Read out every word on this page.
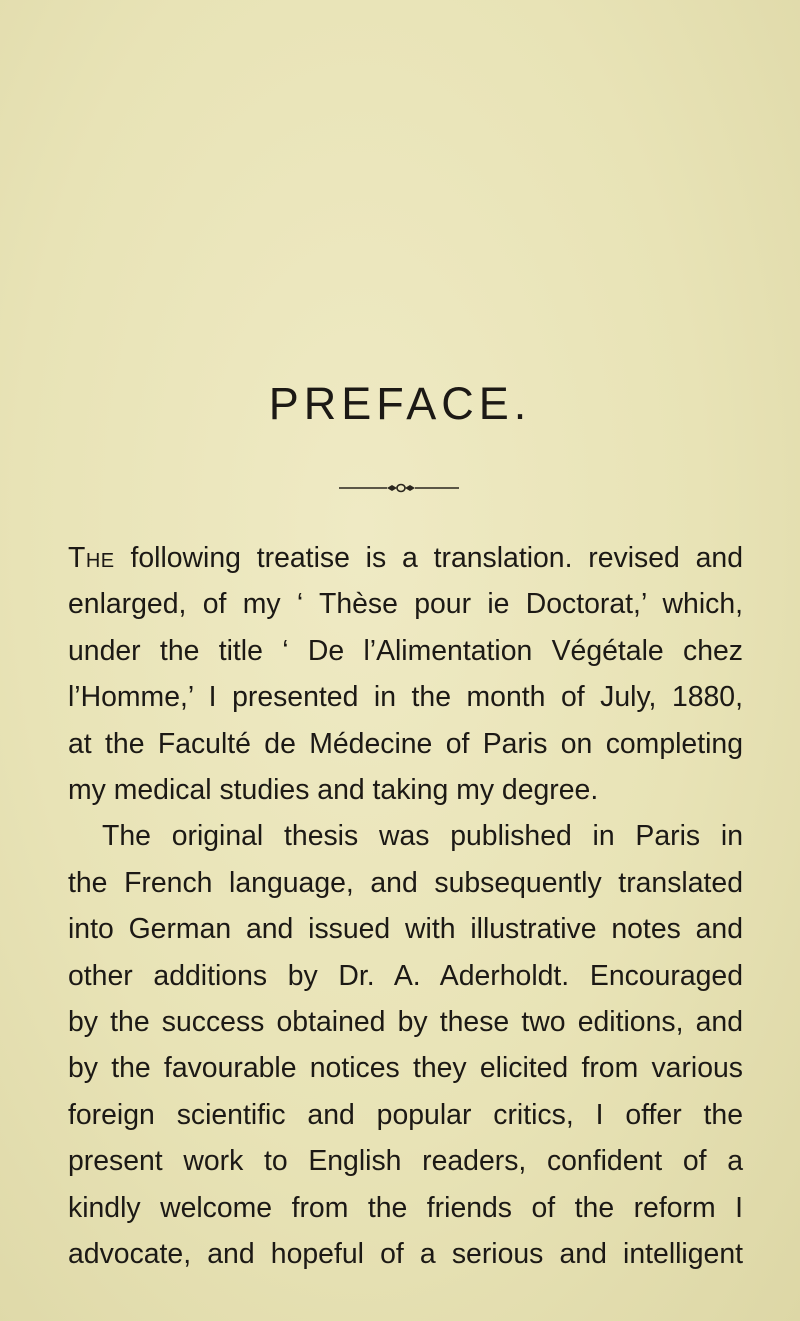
PREFACE.

The following treatise is a translation. revised and
enlarged, of my ‘ Thèse pour ie Doctorat,’ which,
under the title ‘ De l’Alimentation Végétale chez
l’Homme,’ I presented in the month of July, 1880,
at the Faculté de Médecine of Paris on completing
my medical studies and taking my degree.

The original thesis was published in Paris in
the French language, and subsequently translated
into German and issued with illustrative notes and
other additions by Dr. A. Aderholdt. Encouraged
by the success obtained by these two editions, and
by the favourable notices they elicited from various
foreign scientific and popular critics, I offer the
present work to English readers, confident of a
kindly welcome from the friends of the reform I
advocate, and hopeful of a serious and intelligent
